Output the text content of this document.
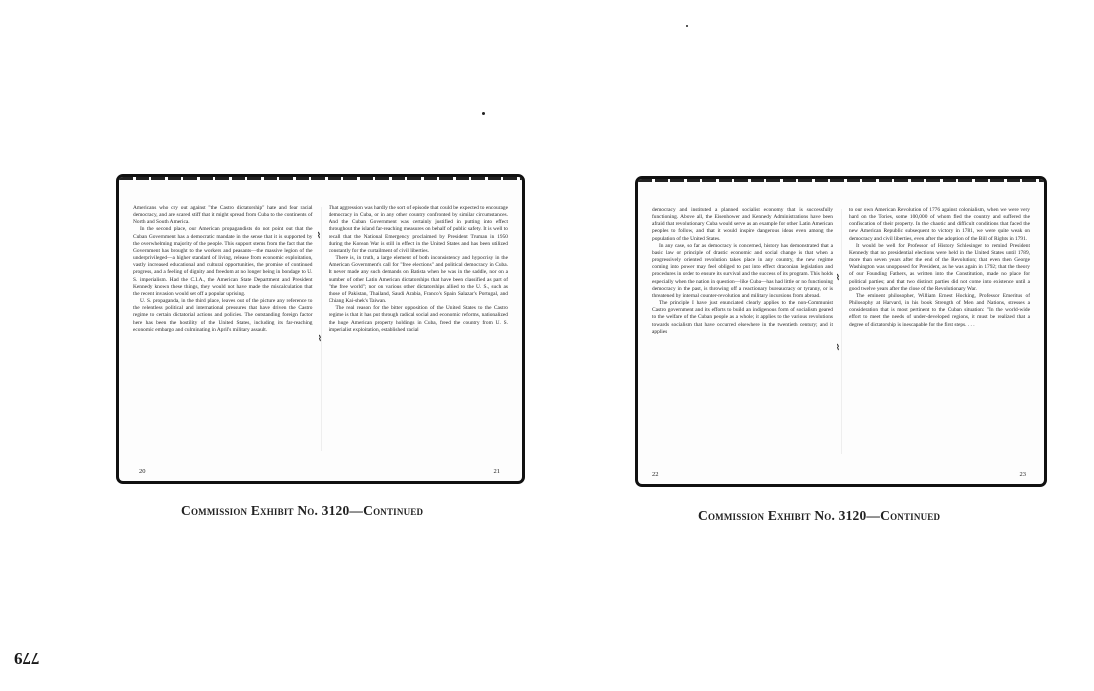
⌇
⌇

Americans who cry out against "the Castro dictatorship" hate and fear racial democracy, and are scared stiff that it might spread from Cuba to the continents of North and South America.

In the second place, our American propagandists do not point out that the Cuban Government has a democratic mandate in the sense that it is supported by the overwhelming majority of the people. This support stems from the fact that the Government has brought to the workers and peasants—the massive legion of the underprivileged—a higher standard of living, release from economic exploitation, vastly increased educational and cultural opportunities, the promise of continued progress, and a feeling of dignity and freedom at no longer being in bondage to U. S. imperialism. Had the C.I.A., the American State Department and President Kennedy known these things, they would not have made the miscalculation that the recent invasion would set off a popular uprising.

U. S. propaganda, in the third place, leaves out of the picture any reference to the relentless political and international pressures that have driven the Castro regime to certain dictatorial actions and policies. The outstanding foreign factor here has been the hostility of the United States, including its far-reaching economic embargo and culminating in April's military assault.

That aggression was hardly the sort of episode that could be expected to encourage democracy in Cuba, or in any other country confronted by similar circumstances. And the Cuban Government was certainly justified in putting into effect throughout the island far-reaching measures on behalf of public safety. It is well to recall that the National Emergency proclaimed by President Truman in 1950 during the Korean War is still in effect in the United States and has been utilized constantly for the curtailment of civil liberties.

There is, in truth, a large element of both inconsistency and hypocrisy in the American Government's call for "free elections" and political democracy in Cuba. It never made any such demands on Batista when he was in the saddle, nor on a number of other Latin American dictatorships that have been classified as part of "the free world"; nor on various other dictatorships allied to the U. S., such as those of Pakistan, Thailand, Saudi Arabia, Franco's Spain Salazar's Portugal, and Chiang Kai-shek's Taiwan.

The real reason for the bitter opposition of the United States to the Castro regime is that it has put through radical social and economic reforms, nationalized the huge American property holdings in Cuba, freed the country from U. S. imperialist exploitation, established racial

20	21
Commission Exhibit No. 3120—Continued
⌇
⌇

democracy and instituted a planned socialist economy that is successfully functioning. Above all, the Eisenhower and Kennedy Administrations have been afraid that revolutionary Cuba would serve as an example for other Latin American peoples to follow, and that it would inspire dangerous ideas even among the population of the United States.

In any case, so far as democracy is concerned, history has demonstrated that a basic law or principle of drastic economic and social change is that when a progressively oriented revolution takes place in any country, the new regime coming into power may feel obliged to put into effect draconian legislation and procedures in order to ensure its survival and the success of its program. This holds especially when the nation in question—like Cuba—has had little or no functioning democracy in the past, is throwing off a reactionary bureaucracy or tyranny, or is threatened by internal counter-revolution and military incursions from abroad.

The principle I have just enunciated clearly applies to the non-Communist Castro government and its efforts to build an indigenous form of socialism geared to the welfare of the Cuban people as a whole; it applies to the various revolutions towards socialism that have occurred elsewhere in the twentieth century; and it applies

to our own American Revolution of 1776 against colonialism, when we were very hard on the Tories, some 100,000 of whom fled the country and suffered the confiscation of their property. In the chaotic and difficult conditions that faced the new American Republic subsequent to victory in 1781, we were quite weak on democracy and civil liberties, even after the adoption of the Bill of Rights in 1791.

It would be well for Professor of History Schlesinger to remind President Kennedy that no presidential elections were held in the United States until 1789, more than seven years after the end of the Revolution; that even then George Washington was unopposed for President, as he was again in 1792; that the theory of our Founding Fathers, as written into the Constitution, made no place for political parties; and that two distinct parties did not come into existence until a good twelve years after the close of the Revolutionary War.

The eminent philosopher, William Ernest Hocking, Professor Emeritus of Philosophy at Harvard, in his book Strength of Men and Nations, stresses a consideration that is most pertinent to the Cuban situation: "In the world-wide effort to meet the needs of under-developed regions, it must be realized that a degree of dictatorship is inescapable for the first steps. . . .

22	23
Commission Exhibit No. 3120—Continued
779
